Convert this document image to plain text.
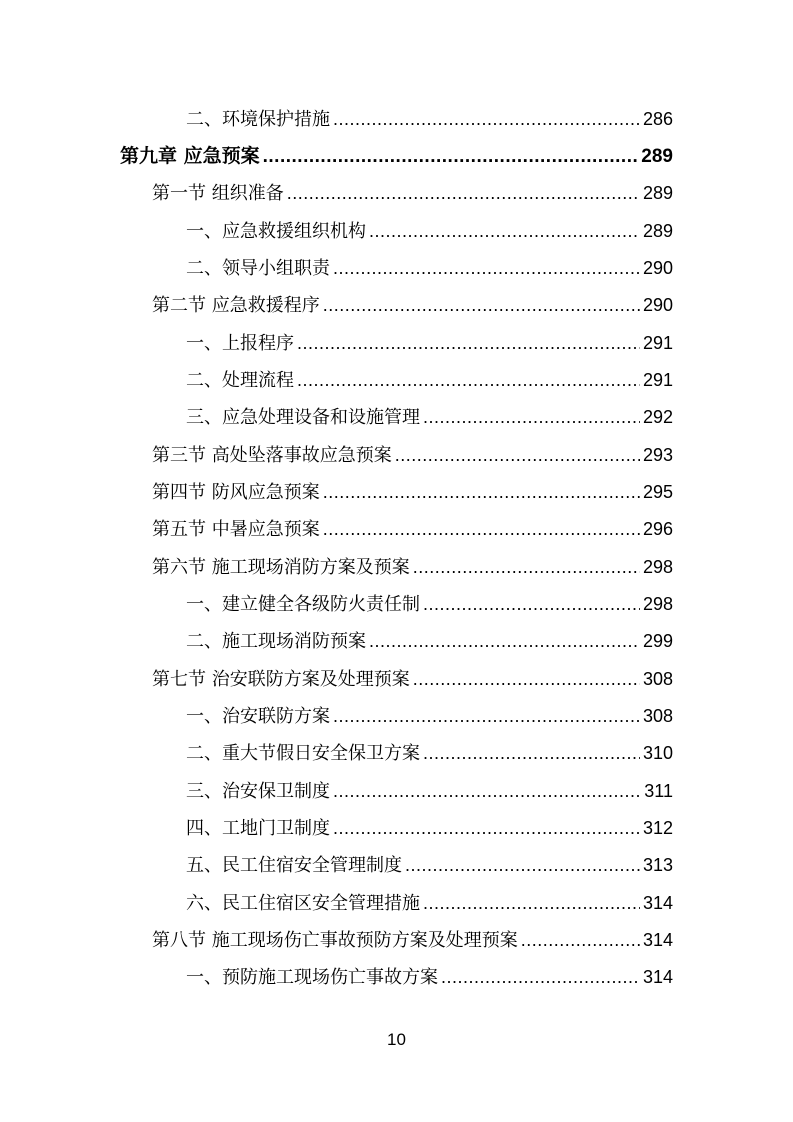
二、环境保护措施 .....	286
第九章 应急预案 .....	289
第一节 组织准备 .....	289
一、应急救援组织机构 .....	289
二、领导小组职责 .....	290
第二节 应急救援程序 .....	290
一、上报程序 .....	291
二、处理流程 .....	291
三、应急处理设备和设施管理 .....	292
第三节 高处坠落事故应急预案 .....	293
第四节 防风应急预案 .....	295
第五节 中暑应急预案 .....	296
第六节 施工现场消防方案及预案 .....	298
一、建立健全各级防火责任制 .....	298
二、施工现场消防预案 .....	299
第七节 治安联防方案及处理预案 .....	308
一、治安联防方案 .....	308
二、重大节假日安全保卫方案 .....	310
三、治安保卫制度 .....	311
四、工地门卫制度 .....	312
五、民工住宿安全管理制度 .....	313
六、民工住宿区安全管理措施 .....	314
第八节 施工现场伤亡事故预防方案及处理预案 .....	314
一、预防施工现场伤亡事故方案 .....	314
10
